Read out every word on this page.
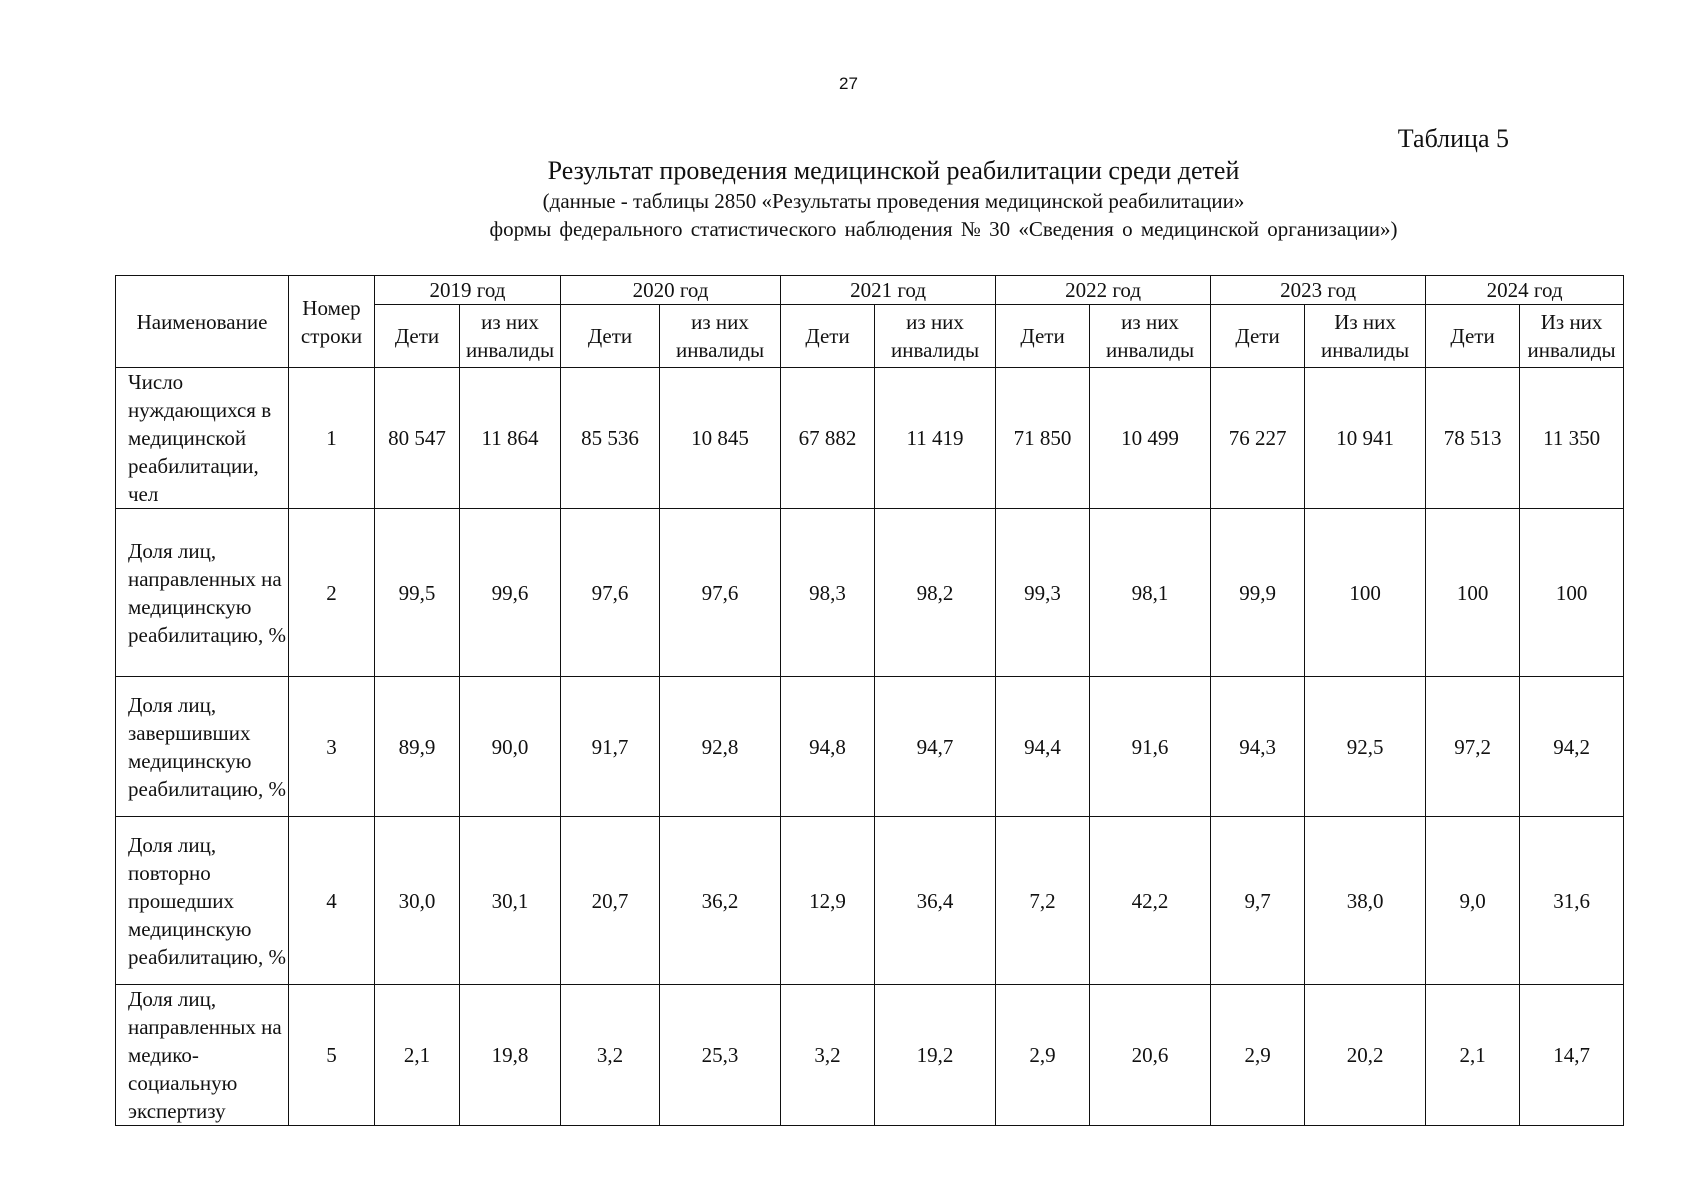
27
Таблица 5
Результат проведения медицинской реабилитации среди детей
(данные - таблицы 2850 «Результаты проведения медицинской реабилитации»
формы федерального статистического наблюдения № 30 «Сведения о медицинской организации»)
Наименование	Номер строки	2019 год		2020 год		2021 год		2022 год		2023 год		2024 год	
		Дети	из них инвалиды	Дети	из них инвалиды	Дети	из них инвалиды	Дети	из них инвалиды	Дети	Из них инвалиды	Дети	Из них инвалиды
Число нуждающихся в медицинской реабилитации, чел	1	80 547	11 864	85 536	10 845	67 882	11 419	71 850	10 499	76 227	10 941	78 513	11 350
Доля лиц, направленных на медицинскую реабилитацию, %	2	99,5	99,6	97,6	97,6	98,3	98,2	99,3	98,1	99,9	100	100	100
Доля лиц, завершивших медицинскую реабилитацию, %	3	89,9	90,0	91,7	92,8	94,8	94,7	94,4	91,6	94,3	92,5	97,2	94,2
Доля лиц, повторно прошедших медицинскую реабилитацию, %	4	30,0	30,1	20,7	36,2	12,9	36,4	7,2	42,2	9,7	38,0	9,0	31,6
Доля лиц, направленных на медико-социальную экспертизу	5	2,1	19,8	3,2	25,3	3,2	19,2	2,9	20,6	2,9	20,2	2,1	14,7
